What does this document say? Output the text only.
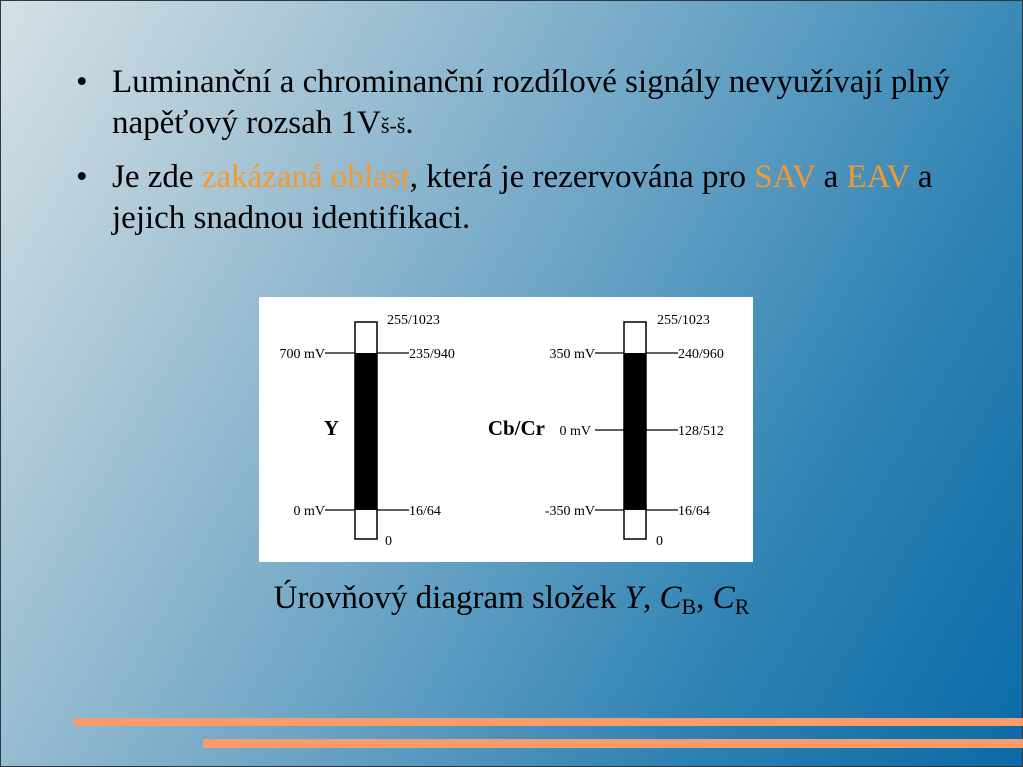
• Luminanční a chrominanční rozdílové signály nevyužívají plný napěťový rozsah 1Vš-š.
• Je zde zakázaná oblast, která je rezervována pro SAV a EAV a jejich snadnou identifikaci.
255/1023
235/940
16/64
0
700 mV
0 mV
Y
255/1023
240/960
128/512
16/64
0
350 mV
0 mV
-350 mV
Cb/Cr
Úrovňový diagram složek Y, $C_B$, $C_R$
